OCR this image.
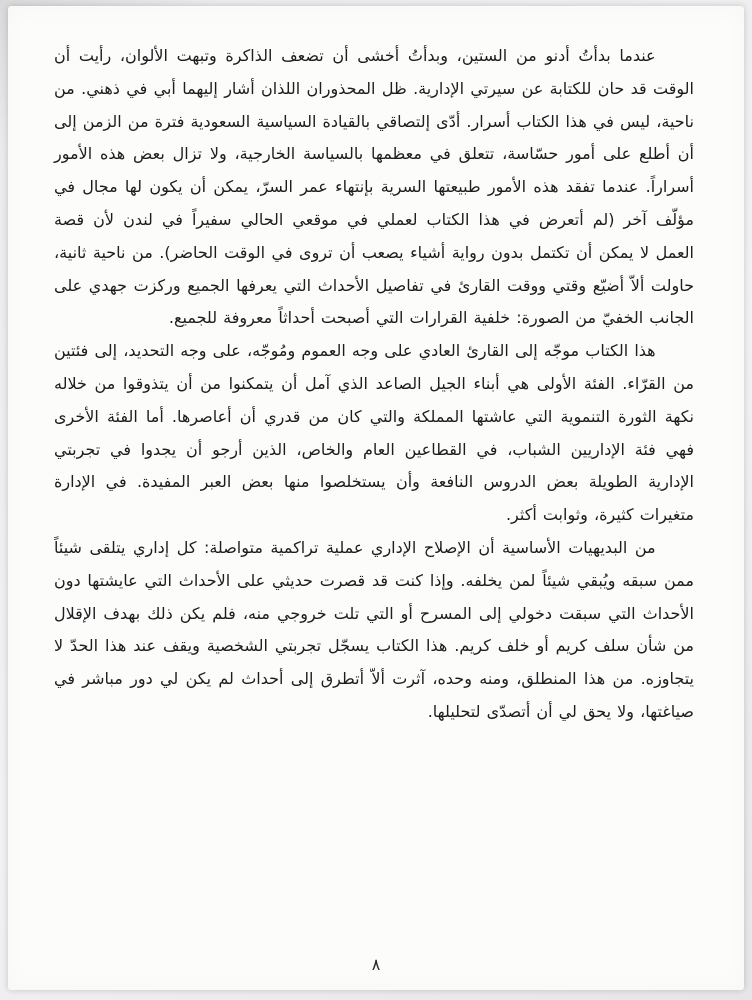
عندما بدأتُ أدنو من الستين، وبدأتُ أخشى أن تضعف الذاكرة وتبهت الألوان، رأيت أن الوقت قد حان للكتابة عن سيرتي الإدارية. ظل المحذوران اللذان أشار إليهما أبي في ذهني. من ناحية، ليس في هذا الكتاب أسرار. أدّى إلتصاقي بالقيادة السياسية السعودية فترة من الزمن إلى أن أطلع على أمور حسّاسة، تتعلق في معظمها بالسياسة الخارجية، ولا تزال بعض هذه الأمور أسراراً. عندما تفقد هذه الأمور طبيعتها السرية بإنتهاء عمر السرّ، يمكن أن يكون لها مجال في مؤلّف آخر (لم أتعرض في هذا الكتاب لعملي في موقعي الحالي سفيراً في لندن لأن قصة العمل لا يمكن أن تكتمل بدون رواية أشياء يصعب أن تروى في الوقت الحاضر). من ناحية ثانية، حاولت ألاّ أضيّع وقتي ووقت القارئ في تفاصيل الأحداث التي يعرفها الجميع وركزت جهدي على الجانب الخفيّ من الصورة: خلفية القرارات التي أصبحت أحداثاً معروفة للجميع.

هذا الكتاب موجّه إلى القارئ العادي على وجه العموم ومُوجّه، على وجه التحديد، إلى فئتين من القرّاء. الفئة الأولى هي أبناء الجيل الصاعد الذي آمل أن يتمكنوا من أن يتذوقوا من خلاله نكهة الثورة التنموية التي عاشتها المملكة والتي كان من قدري أن أعاصرها. أما الفئة الأخرى فهي فئة الإداريين الشباب، في القطاعين العام والخاص، الذين أرجو أن يجدوا في تجربتي الإدارية الطويلة بعض الدروس النافعة وأن يستخلصوا منها بعض العبر المفيدة. في الإدارة متغيرات كثيرة، وثوابت أكثر.

من البديهيات الأساسية أن الإصلاح الإداري عملية تراكمية متواصلة: كل إداري يتلقى شيئاً ممن سبقه ويُبقي شيئاً لمن يخلفه. وإذا كنت قد قصرت حديثي على الأحداث التي عايشتها دون الأحداث التي سبقت دخولي إلى المسرح أو التي تلت خروجي منه، فلم يكن ذلك بهدف الإقلال من شأن سلف كريم أو خلف كريم. هذا الكتاب يسجّل تجربتي الشخصية ويقف عند هذا الحدّ لا يتجاوزه. من هذا المنطلق، ومنه وحده، آثرت ألاّ أتطرق إلى أحداث لم يكن لي دور مباشر في صياغتها، ولا يحق لي أن أتصدّى لتحليلها.

٨
